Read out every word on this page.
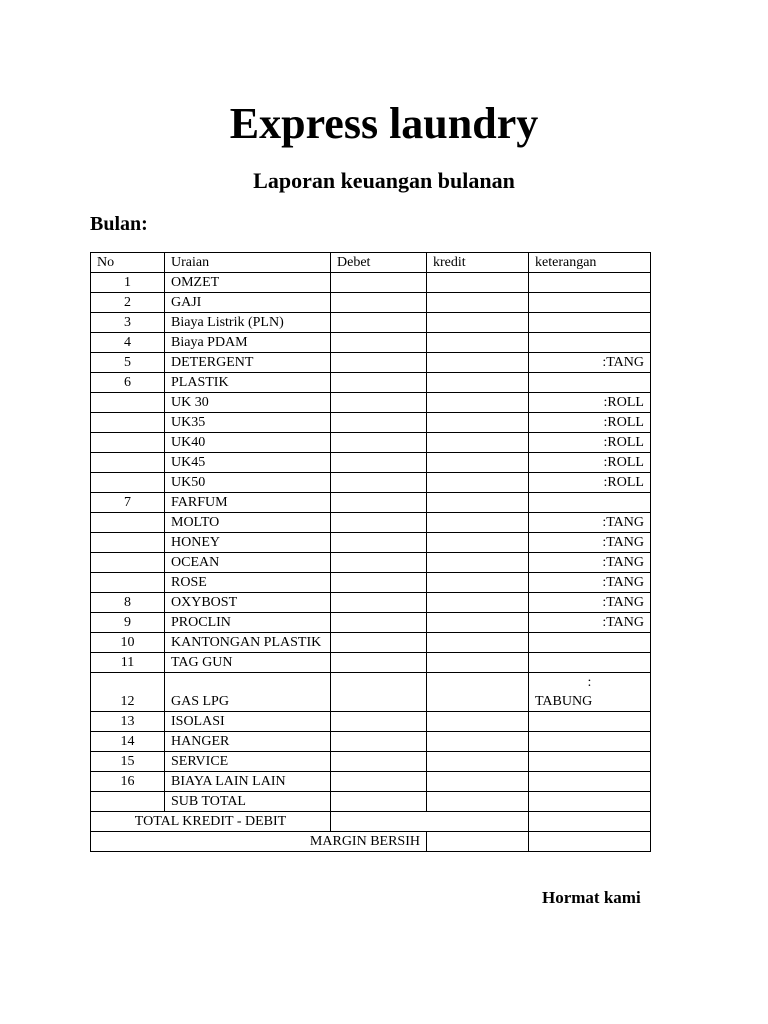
Express laundry
Laporan keuangan bulanan
Bulan:
No	Uraian	Debet	kredit	keterangan
1	OMZET			
2	GAJI			
3	Biaya Listrik (PLN)			
4	Biaya PDAM			
5	DETERGENT			:TANG
6	PLASTIK			
	UK 30			:ROLL
	UK35			:ROLL
	UK40			:ROLL
	UK45			:ROLL
	UK50			:ROLL
7	FARFUM			
	MOLTO			:TANG
	HONEY			:TANG
	OCEAN			:TANG
	ROSE			:TANG
8	OXYBOST			:TANG
9	PROCLIN			:TANG
10	KANTONGAN PLASTIK			
11	TAG GUN			
12	GAS LPG			:
TABUNG

13	ISOLASI			
14	HANGER			
15	SERVICE			
16	BIAYA LAIN LAIN			
	SUB TOTAL			
TOTAL KREDIT - DEBIT				
MARGIN BERSIH				
Hormat kami
